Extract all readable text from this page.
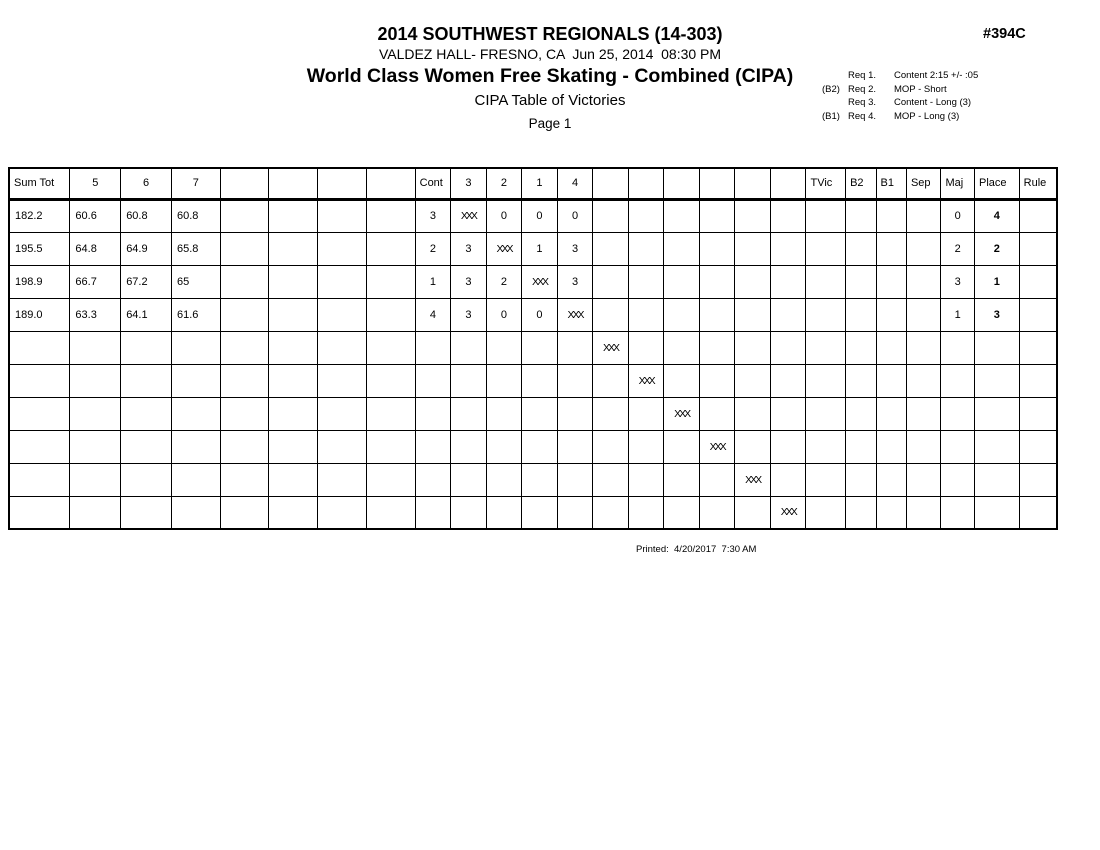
2014 SOUTHWEST REGIONALS (14-303)
VALDEZ HALL- FRESNO, CA  Jun 25, 2014  08:30 PM
World Class Women Free Skating - Combined (CIPA)
CIPA Table of Victories
Page 1
#394C
Req 1.	Content 2:15 +/- :05
(B2) Req 2.	MOP - Short
Req 3.	Content - Long (3)
(B1) Req 4.	MOP - Long (3)
Sum Tot	5	6	7					Cont	3	2	1	4							TVic	B2	B1	Sep	Maj	Place	Rule
182.2	60.6	60.8	60.8					3	XXX	0	0	0											0	4	
195.5	64.8	64.9	65.8					2	3	XXX	1	3											2	2	
198.9	66.7	67.2	65					1	3	2	XXX	3											3	1	
189.0	63.3	64.1	61.6					4	3	0	0	XXX											1	3	
													XXX												
														XXX											
															XXX										
																XXX									
																	XXX								
																		XXX							
Printed:  4/20/2017  7:30 AM
